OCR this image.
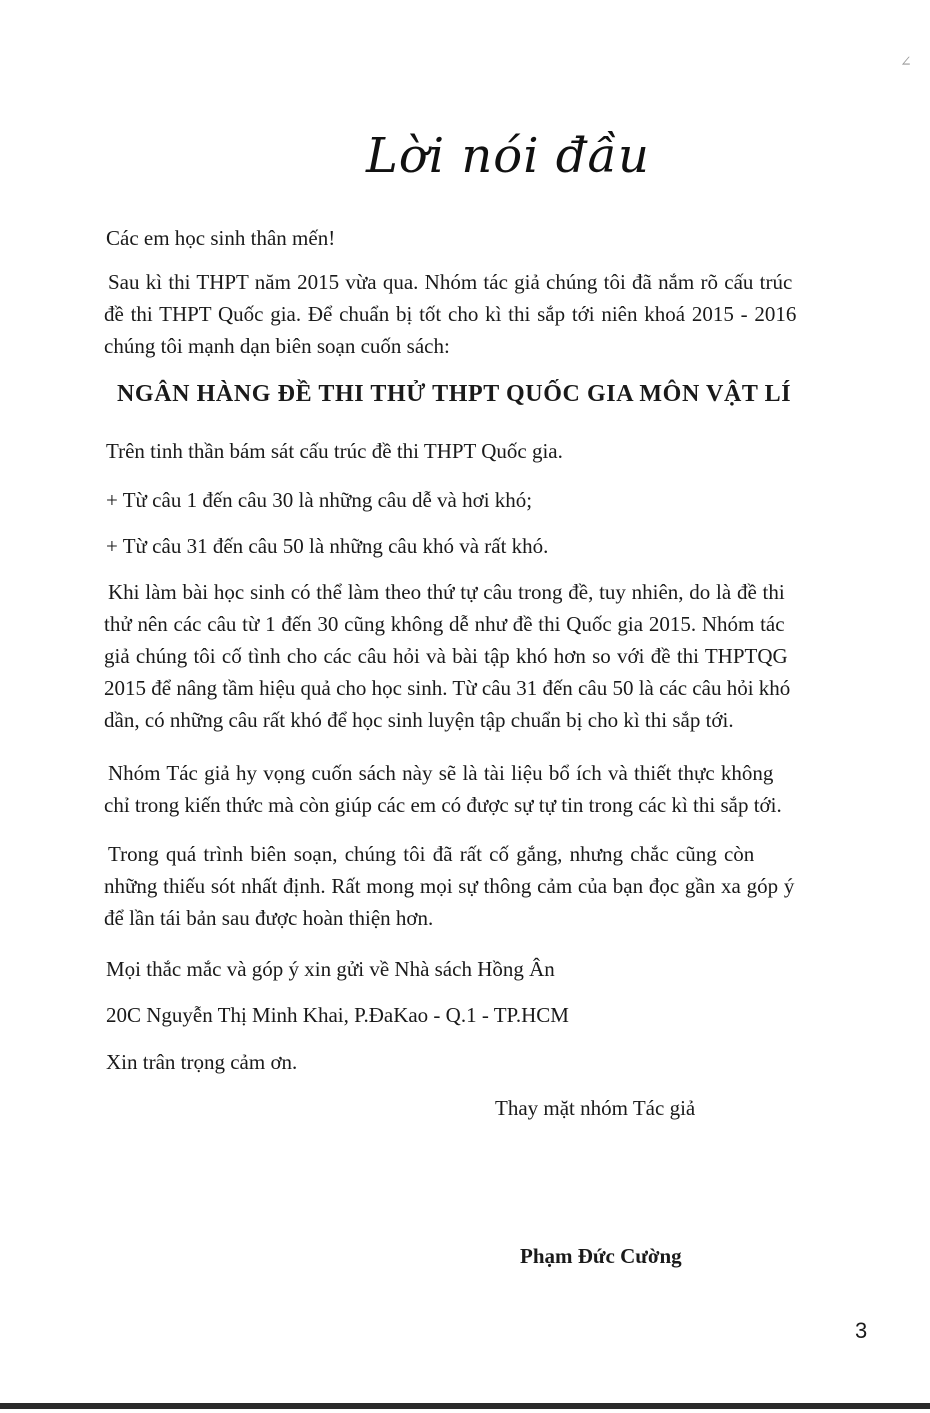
∠
Lời nói đầu
Các em học sinh thân mến!
Sau kì thi THPT năm 2015 vừa qua. Nhóm tác giả chúng tôi đã nắm rõ cấu trúc
đề thi THPT Quốc gia. Để chuẩn bị tốt cho kì thi sắp tới niên khoá 2015 - 2016
chúng tôi mạnh dạn biên soạn cuốn sách:
NGÂN HÀNG ĐỀ THI THỬ THPT QUỐC GIA MÔN VẬT LÍ
Trên tinh thần bám sát cấu trúc đề thi THPT Quốc gia.
+ Từ câu 1 đến câu 30 là những câu dễ và hơi khó;
+ Từ câu 31 đến câu 50 là những câu khó và rất khó.
Khi làm bài học sinh có thể làm theo thứ tự câu trong đề, tuy nhiên, do là đề thi
thử nên các câu từ 1 đến 30 cũng không dễ như đề thi Quốc gia 2015. Nhóm tác
giả chúng tôi cố tình cho các câu hỏi và bài tập khó hơn so với đề thi THPTQG
2015 để nâng tầm hiệu quả cho học sinh. Từ câu 31 đến câu 50 là các câu hỏi khó
dần, có những câu rất khó để học sinh luyện tập chuẩn bị cho kì thi sắp tới.
Nhóm Tác giả hy vọng cuốn sách này sẽ là tài liệu bổ ích và thiết thực không
chỉ trong kiến thức mà còn giúp các em có được sự tự tin trong các kì thi sắp tới.
Trong quá trình biên soạn, chúng tôi đã rất cố gắng, nhưng chắc cũng còn
những thiếu sót nhất định. Rất mong mọi sự thông cảm của bạn đọc gần xa góp ý
để lần tái bản sau được hoàn thiện hơn.
Mọi thắc mắc và góp ý xin gửi về Nhà sách Hồng Ân
20C Nguyễn Thị Minh Khai, P.ĐaKao - Q.1 - TP.HCM
Xin trân trọng cảm ơn.
Thay mặt nhóm Tác giả
Phạm Đức Cường
3
